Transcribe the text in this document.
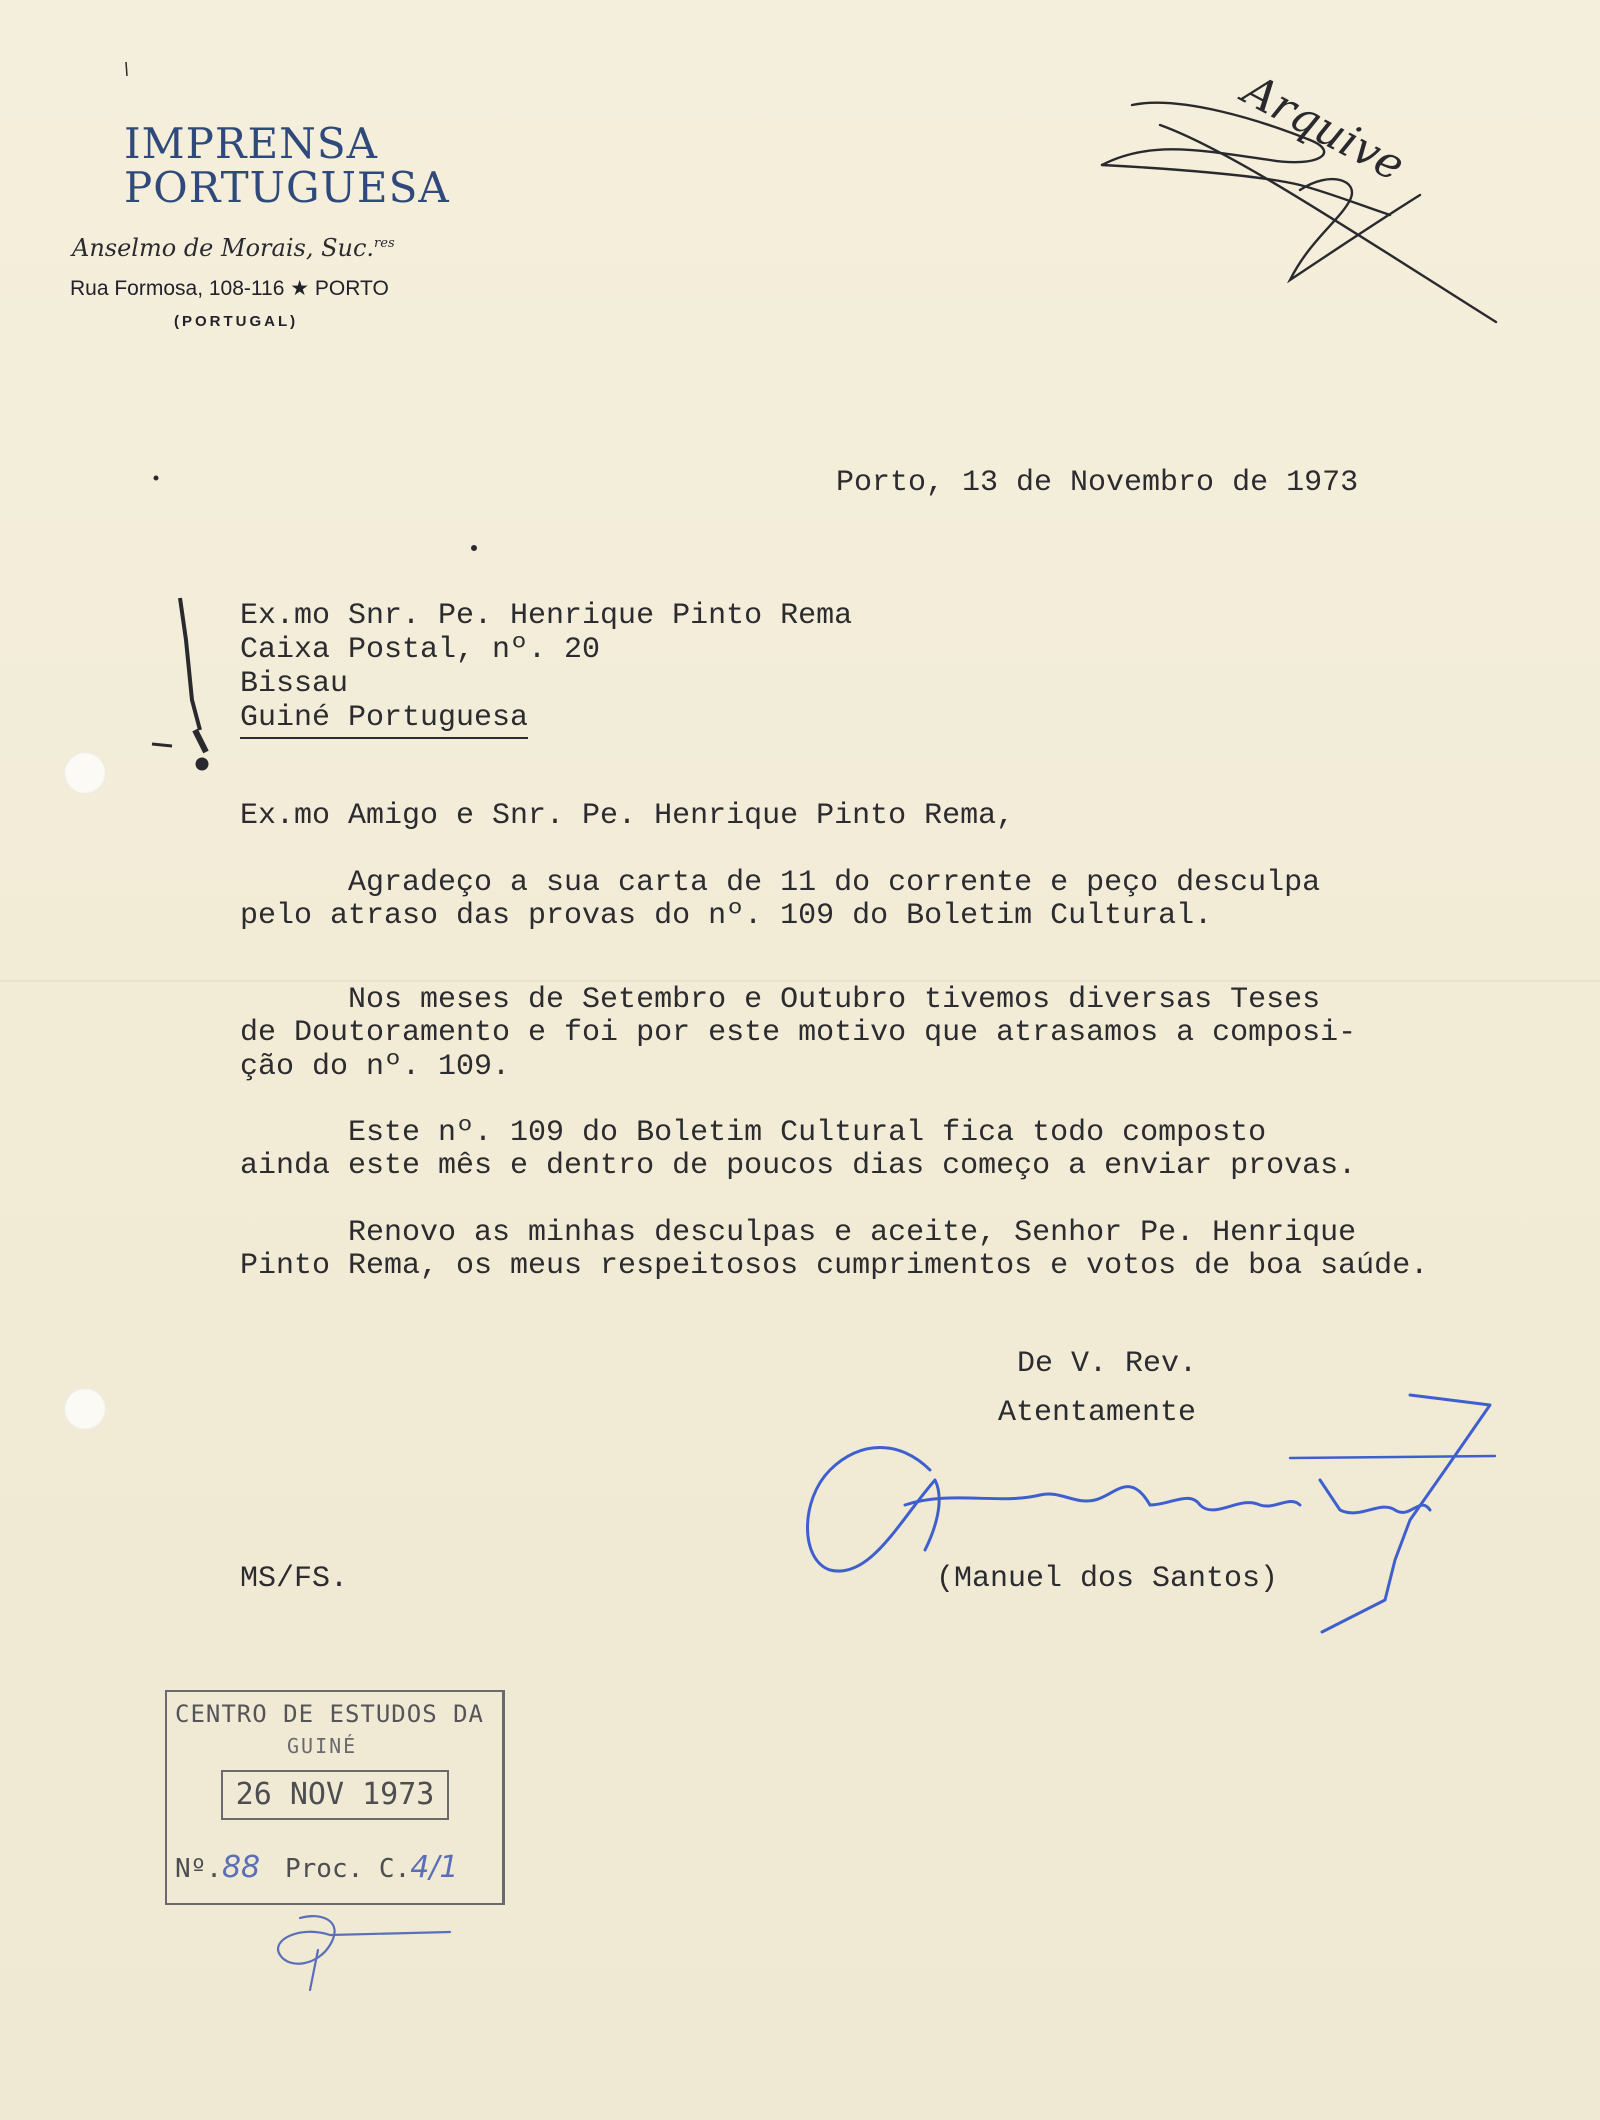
IMPRENSA
PORTUGUESA
Anselmo de Morais, Suc.$^{res}$
Rua Formosa, 108-116 ★ PORTO
(PORTUGAL)
Arquive
Porto, 13 de Novembro de 1973
Ex.mo Snr. Pe. Henrique Pinto Rema
Caixa Postal, nº. 20
Bissau
Guiné Portuguesa
Ex.mo Amigo e Snr. Pe. Henrique Pinto Rema,
Agradeço a sua carta de 11 do corrente e peço desculpa
pelo atraso das provas do nº. 109 do Boletim Cultural.
Nos meses de Setembro e Outubro tivemos diversas Teses
de Doutoramento e foi por este motivo que atrasamos a composi-
ção do nº. 109.
Este nº. 109 do Boletim Cultural fica todo composto
ainda este mês e dentro de poucos dias começo a enviar provas.
Renovo as minhas desculpas e aceite, Senhor Pe. Henrique
Pinto Rema, os meus respeitosos cumprimentos e votos de boa saúde.
De V. Rev.
Atentamente
(Manuel dos Santos)
MS/FS.
CENTRO DE ESTUDOS DA
GUINÉ
26 NOV 1973
Nº.88 Proc. C.4/1
